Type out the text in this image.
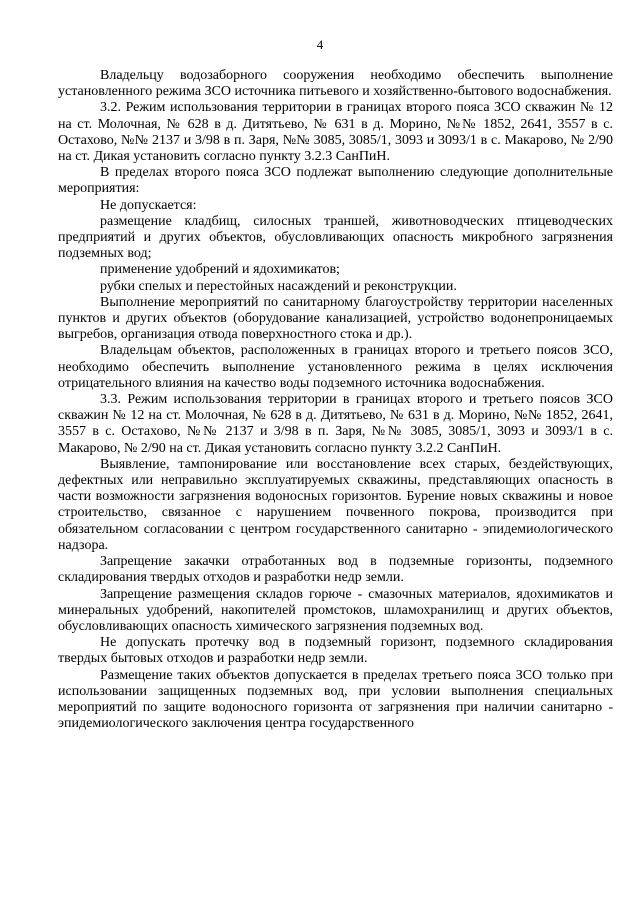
4

Владельцу водозаборного сооружения необходимо обеспечить выполнение установленного режима ЗСО источника питьевого и хозяйственно-бытового водоснабжения.

3.2. Режим использования территории в границах второго пояса ЗСО скважин № 12 на ст. Молочная, № 628 в д. Дитятьево, № 631 в д. Морино, №№ 1852, 2641, 3557 в с. Остахово, №№ 2137 и 3/98 в п. Заря, №№ 3085, 3085/1, 3093 и 3093/1 в с. Макарово, № 2/90 на ст. Дикая установить согласно пункту 3.2.3 СанПиН.

В пределах второго пояса ЗСО подлежат выполнению следующие дополнительные мероприятия:

Не допускается:

размещение кладбищ, силосных траншей, животноводческих птицеводческих предприятий и других объектов, обусловливающих опасность микробного загрязнения подземных вод;

применение удобрений и ядохимикатов;

рубки спелых и перестойных насаждений и реконструкции.

Выполнение мероприятий по санитарному благоустройству территории населенных пунктов и других объектов (оборудование канализацией, устройство водонепроницаемых выгребов, организация отвода поверхностного стока и др.).

Владельцам объектов, расположенных в границах второго и третьего поясов ЗСО, необходимо обеспечить выполнение установленного режима в целях исключения отрицательного влияния на качество воды подземного источника водоснабжения.

3.3. Режим использования территории в границах второго и третьего поясов ЗСО скважин № 12 на ст. Молочная, № 628 в д. Дитятьево, № 631 в д. Морино, №№ 1852, 2641, 3557 в с. Остахово, №№ 2137 и 3/98 в п. Заря, №№ 3085, 3085/1, 3093 и 3093/1 в с. Макарово, № 2/90 на ст. Дикая установить согласно пункту 3.2.2 СанПиН.

Выявление, тампонирование или восстановление всех старых, бездействующих, дефектных или неправильно эксплуатируемых скважины, представляющих опасность в части возможности загрязнения водоносных горизонтов. Бурение новых скважины и новое строительство, связанное с нарушением почвенного покрова, производится при обязательном согласовании с центром государственного санитарно - эпидемиологического надзора.

Запрещение закачки отработанных вод в подземные горизонты, подземного складирования твердых отходов и разработки недр земли.

Запрещение размещения складов горюче - смазочных материалов, ядохимикатов и минеральных удобрений, накопителей промстоков, шламохранилищ и других объектов, обусловливающих опасность химического загрязнения подземных вод.

Не допускать протечку вод в подземный горизонт, подземного складирования твердых бытовых отходов и разработки недр земли.

Размещение таких объектов допускается в пределах третьего пояса ЗСО только при использовании защищенных подземных вод, при условии выполнения специальных мероприятий по защите водоносного горизонта от загрязнения при наличии санитарно - эпидемиологического заключения центра государственного
